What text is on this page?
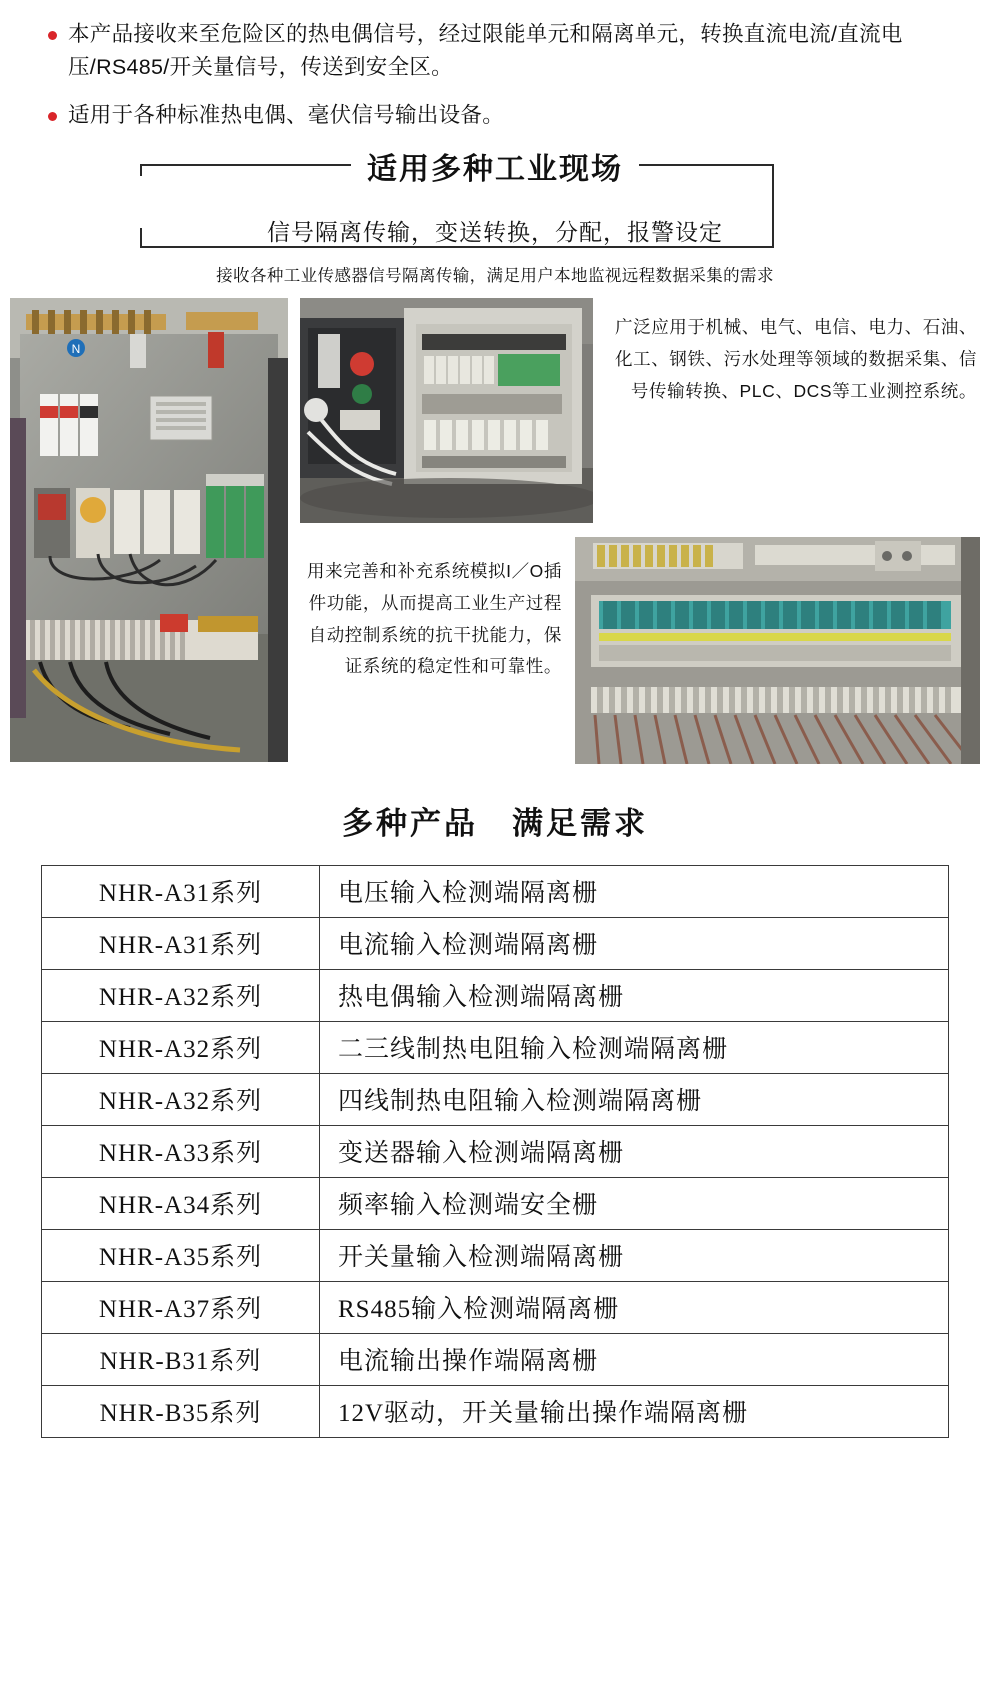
本产品接收来至危险区的热电偶信号，经过限能单元和隔离单元，转换直流电流/直流电压/RS485/开关量信号，传送到安全区。
适用于各种标准热电偶、毫伏信号输出设备。
适用多种工业现场
信号隔离传输，变送转换，分配，报警设定
接收各种工业传感器信号隔离传输，满足用户本地监视远程数据采集的需求
N
广泛应用于机械、电气、电信、电力、石油、化工、钢铁、污水处理等领域的数据采集、信号传输转换、PLC、DCS等工业测控系统。
用来完善和补充系统模拟I／O插件功能，从而提高工业生产过程自动控制系统的抗干扰能力，保证系统的稳定性和可靠性。
多种产品 满足需求
NHR-A31系列	电压输入检测端隔离栅
NHR-A31系列	电流输入检测端隔离栅
NHR-A32系列	热电偶输入检测端隔离栅
NHR-A32系列	二三线制热电阻输入检测端隔离栅
NHR-A32系列	四线制热电阻输入检测端隔离栅
NHR-A33系列	变送器输入检测端隔离栅
NHR-A34系列	频率输入检测端安全栅
NHR-A35系列	开关量输入检测端隔离栅
NHR-A37系列	RS485输入检测端隔离栅
NHR-B31系列	电流输出操作端隔离栅
NHR-B35系列	12V驱动，开关量输出操作端隔离栅
